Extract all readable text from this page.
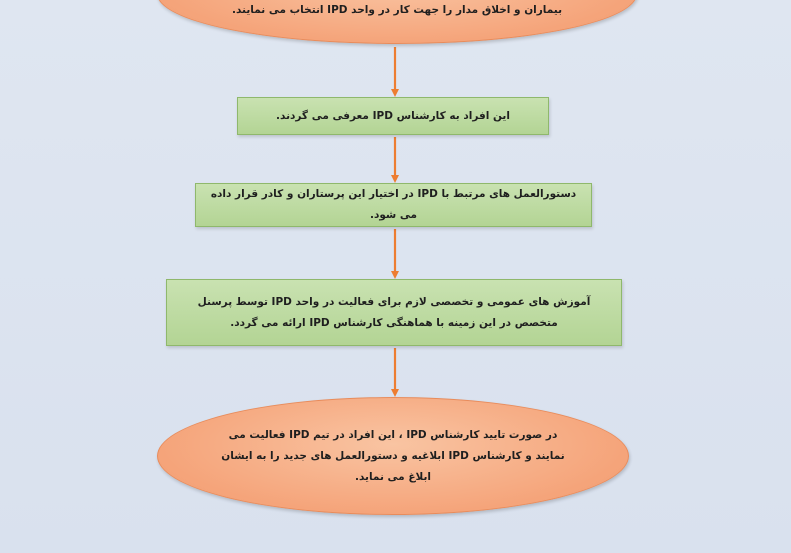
بیماران و اخلاق مدار را جهت کار در واحد IPD انتخاب می نمایند.
این افراد به کارشناس IPD معرفی می گردند.
دستورالعمل های مرتبط با IPD در اختیار این پرستاران و کادر قرار داده می شود.
آموزش های عمومی و تخصصی لازم برای فعالیت در واحد IPD توسط پرسنل متخصص در این زمینه با هماهنگی کارشناس IPD ارائه می گردد.
در صورت تایید کارشناس IPD ، این افراد در تیم IPD فعالیت می نمایند و کارشناس IPD ابلاغیه و دستورالعمل های جدید را به ایشان ابلاغ می نماید.
